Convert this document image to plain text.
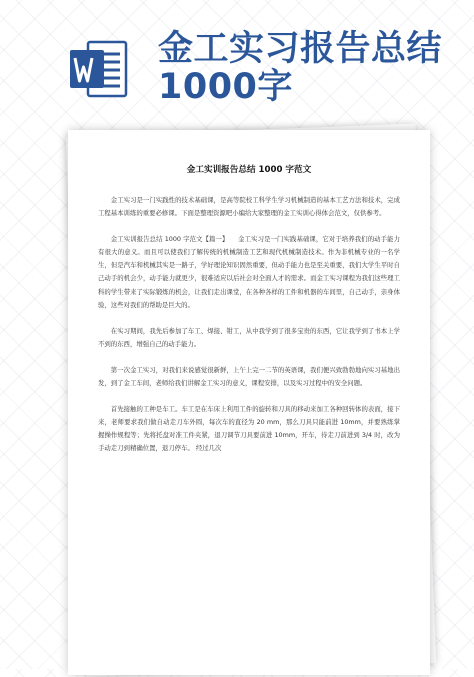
金工实习报告总结
1000字
金工实训报告总结 1000 字范文

金工实习是一门实践性的技术基础课，是高等院校工科学生学习机械制造的基本工艺方法和技术，完成工程基本训练的重要必修课。下面是整理资源吧小编给大家整理的金工实训心得体会范文，仅供参考。

金工实训报告总结 1000 字范文【篇一】　　金工实习是一门实践基础课，它对于培养我们的动手能力有很大的意义。而且可以使我们了解传统的机械制造工艺和现代机械制造技术。作为非机械专业的一名学生，但是汽车和机械其实是一路子，学好理论知识固然重要，但动手能力也是至关重要，我们大学生平时自己动手的机会少，动手能力就更少，很难适应以后社会对全面人才的需求。而金工实习课程为我们这些理工科的学生带来了实际锻炼的机会，让我们走出课堂，在各种各样的工件和机器的车间里，自己动手，亲身体验，这些对我们的帮助是巨大的。

在实习期间，我先后参加了车工、焊接、钳工，从中我学到了很多宝贵的东西，它让我学到了书本上学不到的东西，增强自己的动手能力。

第一次金工实习，对我们来说感觉很新鲜，上午上完一二节的英语课，我们便兴致勃勃地向实习基地出发，到了金工车间，老师给我们讲解金工实习的意义，课程安排，以及实习过程中的安全问题。

首先接触的工种是车工。车工是在车床上利用工件的旋转和刀具的移动来加工各种回转体的表面，接下来，老师要求我们做自动走刀车外圆，每次车的直径为 20 mm，那么刀具只能前进 10mm，并要熟练掌握操作规程等；先将托盘对准工件夹紧，退刀调节刀具要前进 10mm，开车，待走刀前进到 3/4 时，改为手动走刀到精确位置，退刀停车。 经过几次
